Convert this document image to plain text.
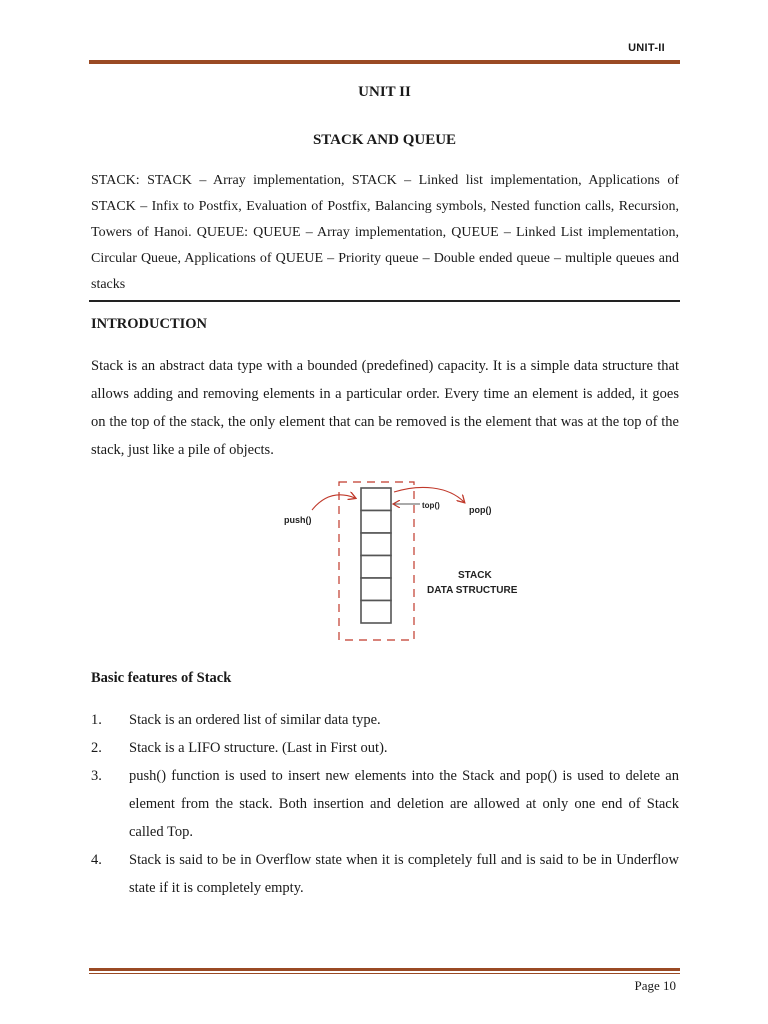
UNIT-II
UNIT II
STACK AND QUEUE
STACK: STACK – Array implementation, STACK – Linked list implementation, Applications of STACK – Infix to Postfix, Evaluation of Postfix, Balancing symbols, Nested function calls, Recursion, Towers of Hanoi. QUEUE: QUEUE – Array implementation, QUEUE – Linked List implementation, Circular Queue, Applications of QUEUE – Priority queue – Double ended queue – multiple queues and stacks
INTRODUCTION
Stack is an abstract data type with a bounded (predefined) capacity. It is a simple data structure that allows adding and removing elements in a particular order. Every time an element is added, it goes on the top of the stack, the only element that can be removed is the element that was at the top of the stack, just like a pile of objects.
push()
top()	pop()
STACK
DATA STRUCTURE
Basic features of Stack
1. Stack is an ordered list of similar data type.
2. Stack is a LIFO structure. (Last in First out).
3. push() function is used to insert new elements into the Stack and pop() is used to delete an element from the stack. Both insertion and deletion are allowed at only one end of Stack called Top.
4. Stack is said to be in Overflow state when it is completely full and is said to be in Underflow state if it is completely empty.
Page 10
